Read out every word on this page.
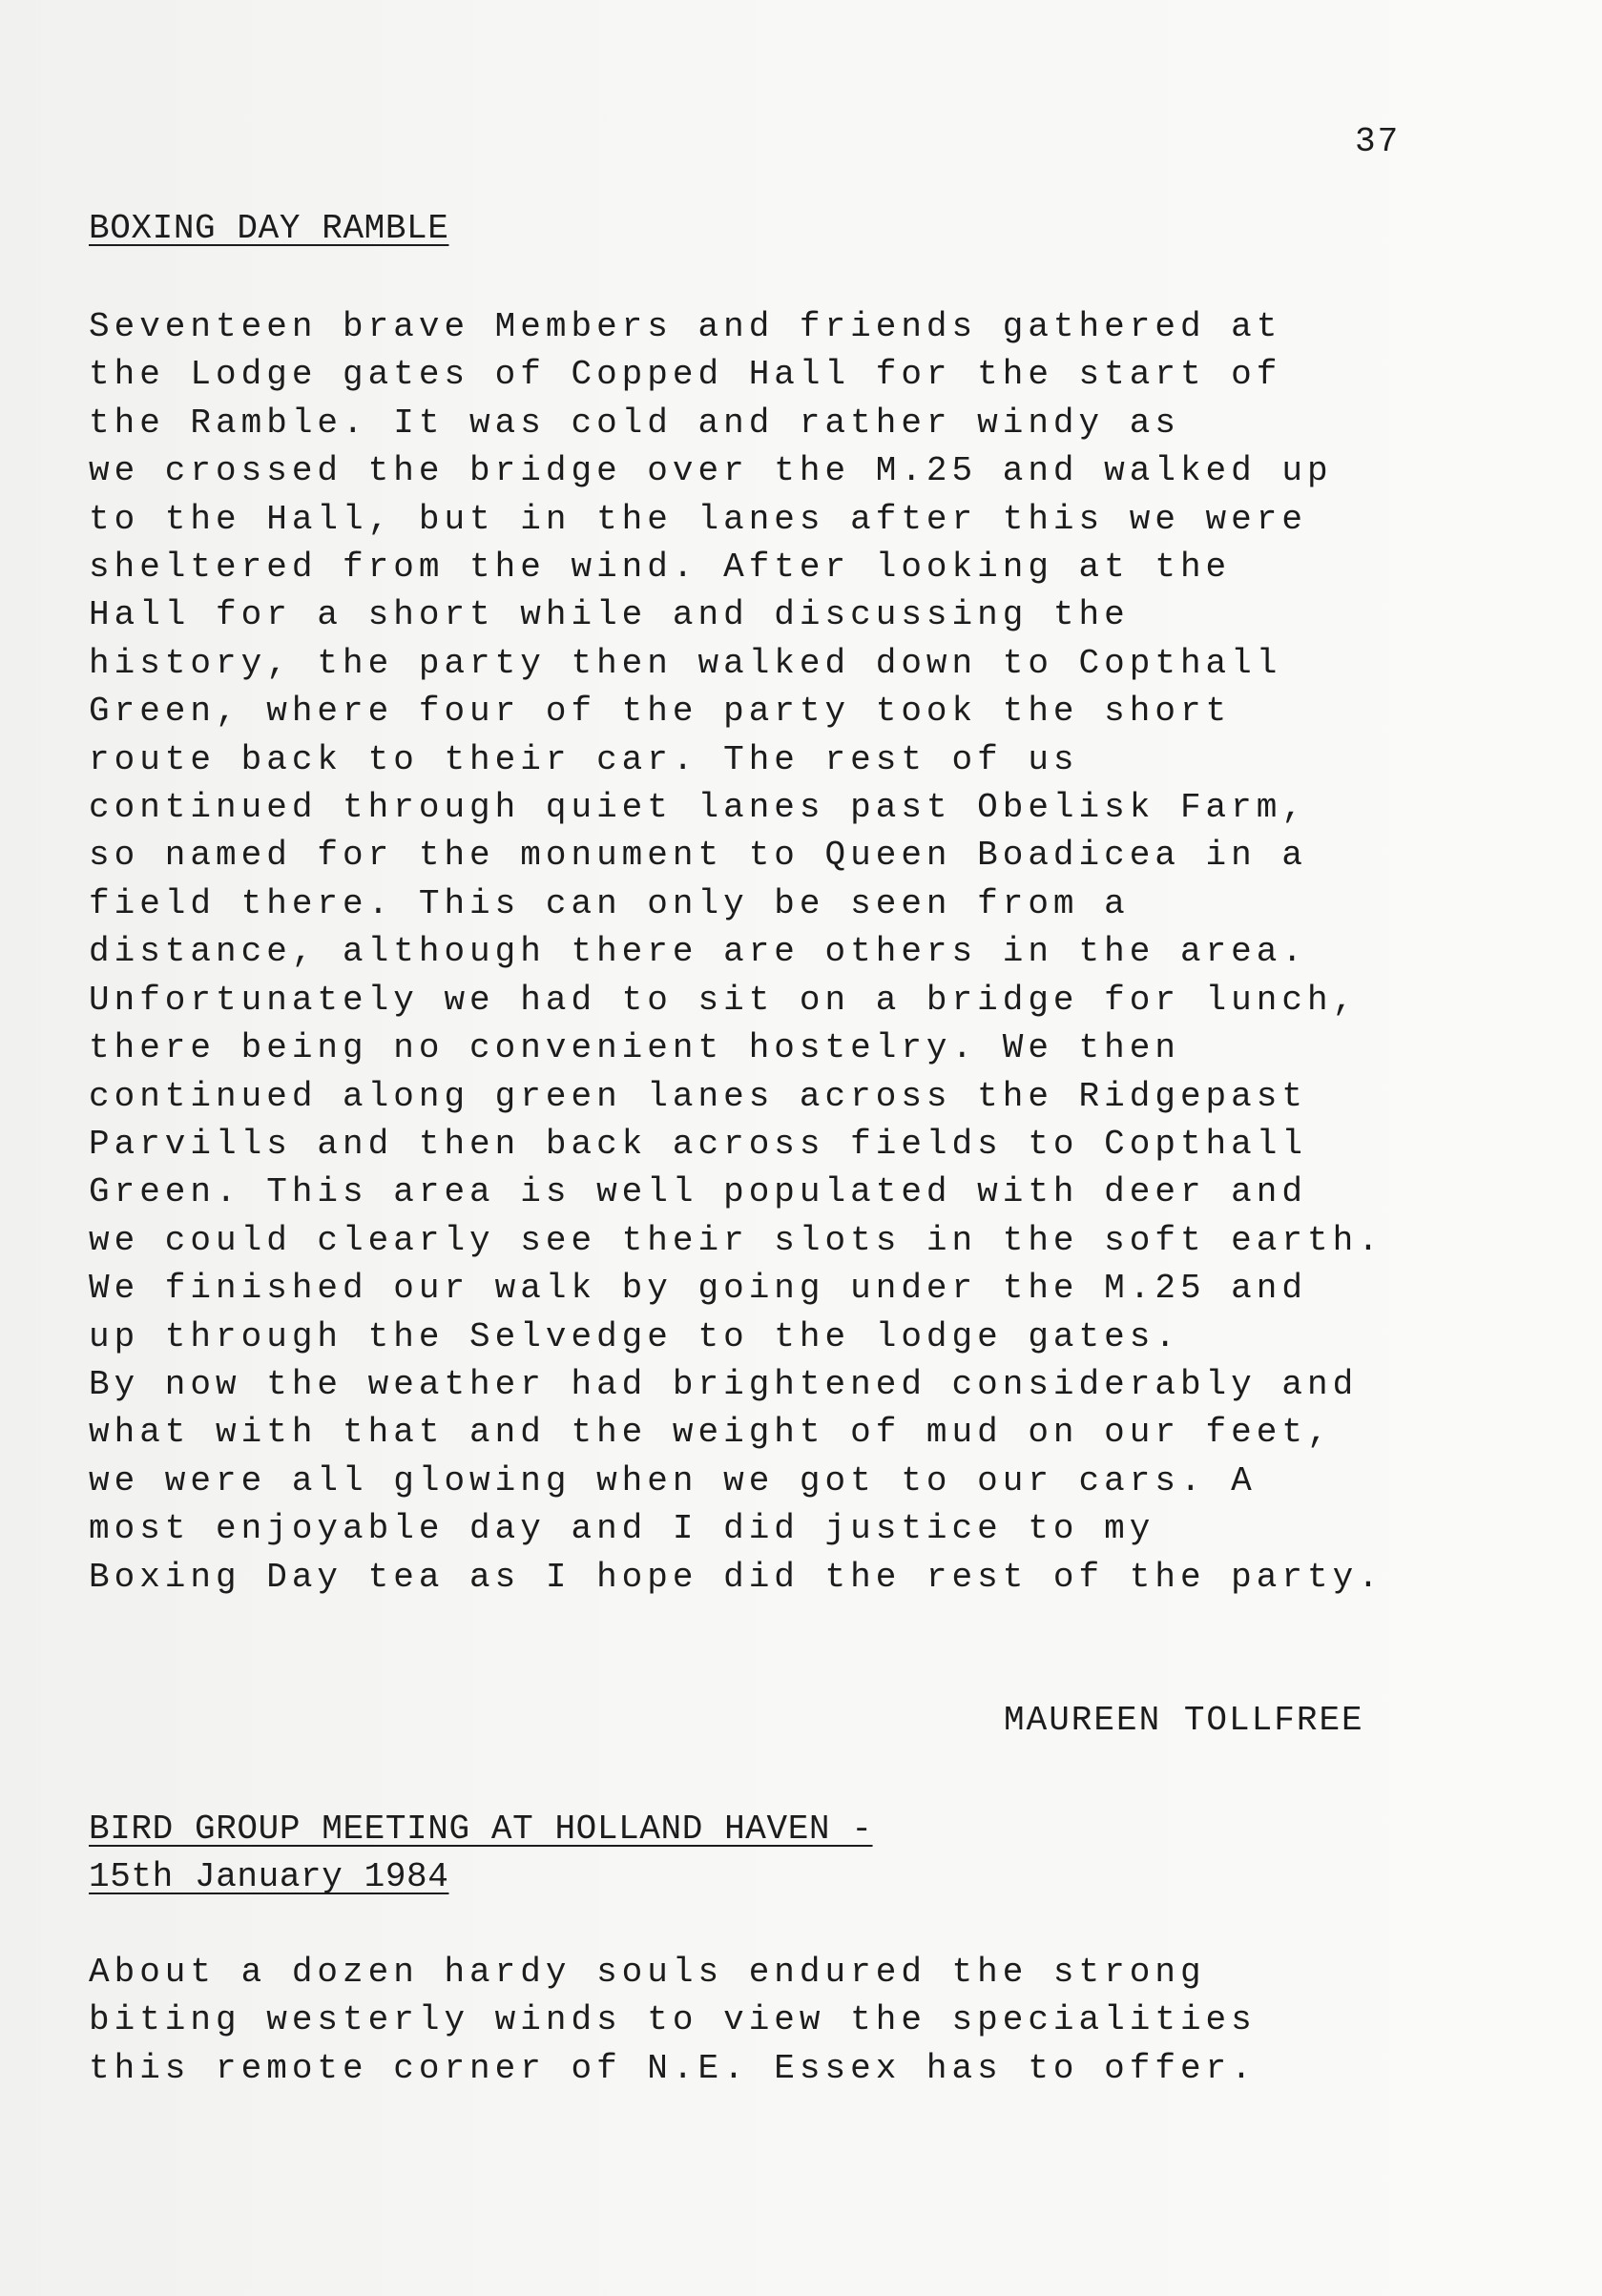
37
BOXING DAY RAMBLE
Seventeen brave Members and friends gathered at
the Lodge gates of Copped Hall for the start of
the Ramble. It was cold and rather windy as
we crossed the bridge over the M.25 and walked up
to the Hall, but in the lanes after this we were
sheltered from the wind. After looking at the
Hall for a short while and discussing the
history, the party then walked down to Copthall
Green, where four of the party took the short
route back to their car. The rest of us
continued through quiet lanes past Obelisk Farm,
so named for the monument to Queen Boadicea in a
field there. This can only be seen from a
distance, although there are others in the area.
Unfortunately we had to sit on a bridge for lunch,
there being no convenient hostelry. We then
continued along green lanes across the Ridgepast
Parvills and then back across fields to Copthall
Green. This area is well populated with deer and
we could clearly see their slots in the soft earth.
We finished our walk by going under the M.25 and
up through the Selvedge to the lodge gates.
By now the weather had brightened considerably and
what with that and the weight of mud on our feet,
we were all glowing when we got to our cars. A
most enjoyable day and I did justice to my
Boxing Day tea as I hope did the rest of the party.
MAUREEN TOLLFREE
BIRD GROUP MEETING AT HOLLAND HAVEN -
15th January 1984
About a dozen hardy souls endured the strong
biting westerly winds to view the specialities
this remote corner of N.E. Essex has to offer.
